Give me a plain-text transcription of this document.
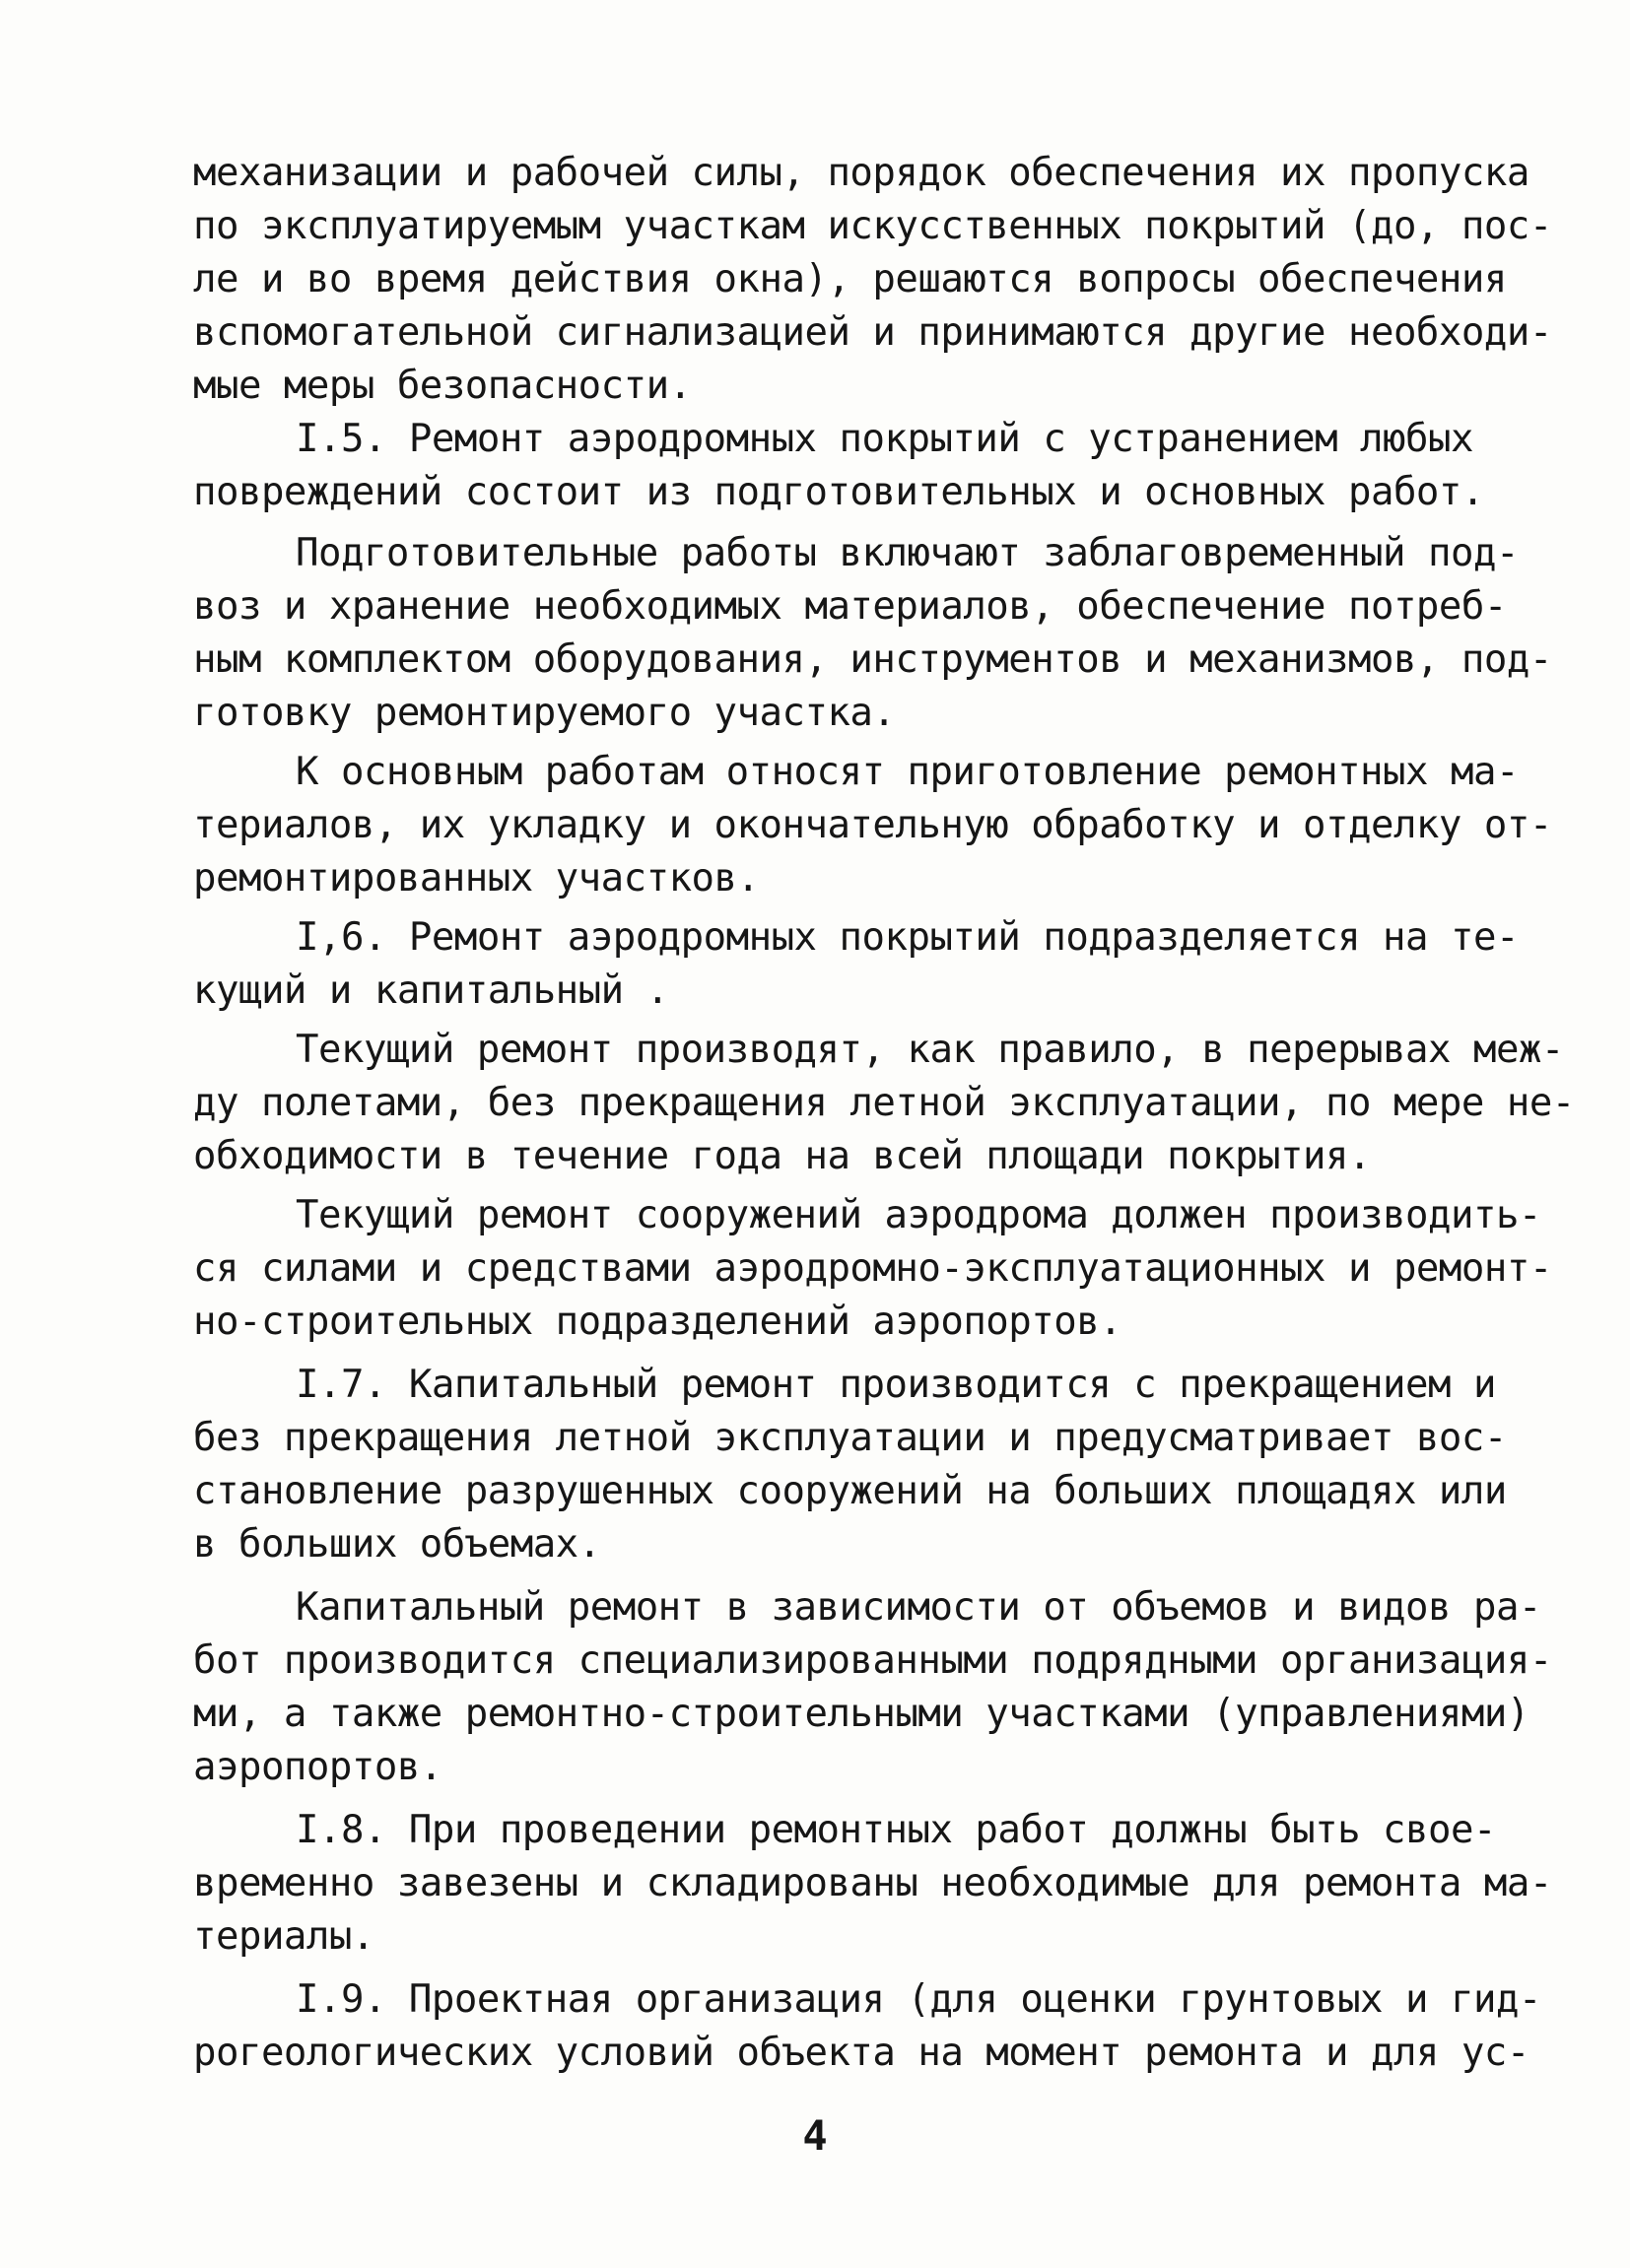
механизации и рабочей силы, порядок обеспечения их пропуска
по эксплуатируемым участкам искусственных покрытий (до, пос-
ле и во время действия окна), решаются вопросы обеспечения
вспомогательной сигнализацией и принимаются другие необходи-
мые меры безопасности.
I.5. Ремонт аэродромных покрытий с устранением любых
повреждений состоит из подготовительных и основных работ.
Подготовительные работы включают заблаговременный под-
воз и хранение необходимых материалов, обеспечение потреб-
ным комплектом оборудования, инструментов и механизмов, под-
готовку ремонтируемого участка.
К основным работам относят приготовление ремонтных ма-
териалов, их укладку и окончательную обработку и отделку от-
ремонтированных участков.
I,6. Ремонт аэродромных покрытий подразделяется на те-
кущий и капитальный .
Текущий ремонт производят, как правило, в перерывах меж-
ду полетами, без прекращения летной эксплуатации, по мере не-
обходимости в течение года на всей площади покрытия.
Текущий ремонт сооружений аэродрома должен производить-
ся силами и средствами аэродромно-эксплуатационных и ремонт-
но-строительных подразделений аэропортов.
I.7. Капитальный ремонт производится с прекращением и
без прекращения летной эксплуатации и предусматривает вос-
становление разрушенных сооружений на больших площадях или
в больших объемах.
Капитальный ремонт в зависимости от объемов и видов ра-
бот производится специализированными подрядными организация-
ми, а также ремонтно-строительными участками (управлениями)
аэропортов.
I.8. При проведении ремонтных работ должны быть свое-
временно завезены и складированы необходимые для ремонта ма-
териалы.
I.9. Проектная организация (для оценки грунтовых и гид-
рогеологических условий объекта на момент ремонта и для ус-
4
